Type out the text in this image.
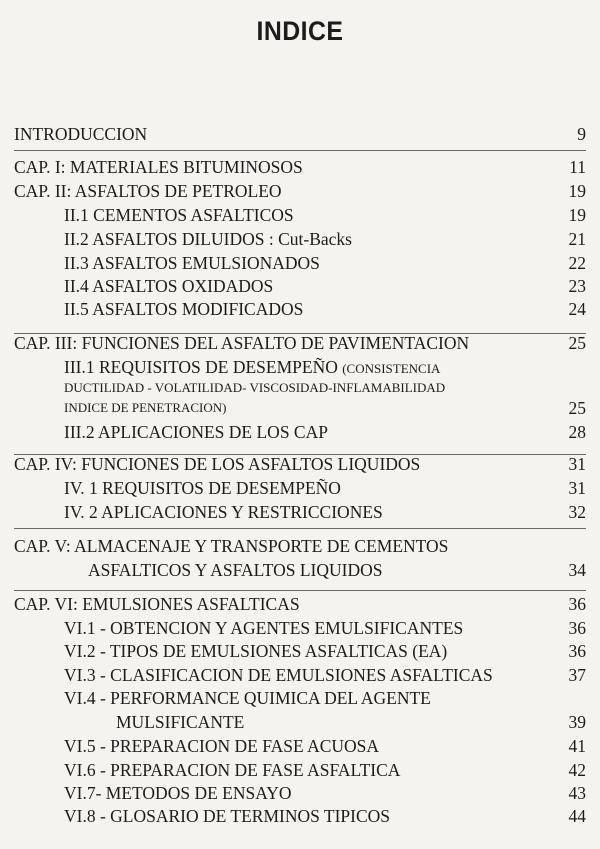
INDICE
INTRODUCCION	9
CAP. I: MATERIALES BITUMINOSOS	11
CAP. II: ASFALTOS DE PETROLEO	19
II.1 CEMENTOS ASFALTICOS	19
II.2 ASFALTOS DILUIDOS : Cut-Backs	21
II.3 ASFALTOS EMULSIONADOS	22
II.4 ASFALTOS OXIDADOS	23
II.5 ASFALTOS MODIFICADOS	24
CAP. III: FUNCIONES DEL ASFALTO DE PAVIMENTACION	25
III.1 REQUISITOS DE DESEMPEÑO (CONSISTENCIA
DUCTILIDAD - VOLATILIDAD- VISCOSIDAD-INFLAMABILIDAD
INDICE DE PENETRACION)	25
III.2 APLICACIONES DE LOS CAP	28
CAP. IV: FUNCIONES DE LOS ASFALTOS LIQUIDOS	31
IV. 1 REQUISITOS DE DESEMPEÑO	31
IV. 2 APLICACIONES Y RESTRICCIONES	32
CAP. V: ALMACENAJE Y TRANSPORTE DE CEMENTOS
ASFALTICOS Y ASFALTOS LIQUIDOS	34
CAP. VI: EMULSIONES ASFALTICAS	36
VI.1 - OBTENCION Y AGENTES EMULSIFICANTES	36
VI.2 - TIPOS DE EMULSIONES ASFALTICAS (EA)	36
VI.3 - CLASIFICACION DE EMULSIONES ASFALTICAS	37
VI.4 - PERFORMANCE QUIMICA DEL AGENTE
MULSIFICANTE	39
VI.5 - PREPARACION DE FASE ACUOSA	41
VI.6 - PREPARACION DE FASE ASFALTICA	42
VI.7- METODOS DE ENSAYO	43
VI.8 - GLOSARIO DE TERMINOS TIPICOS	44
